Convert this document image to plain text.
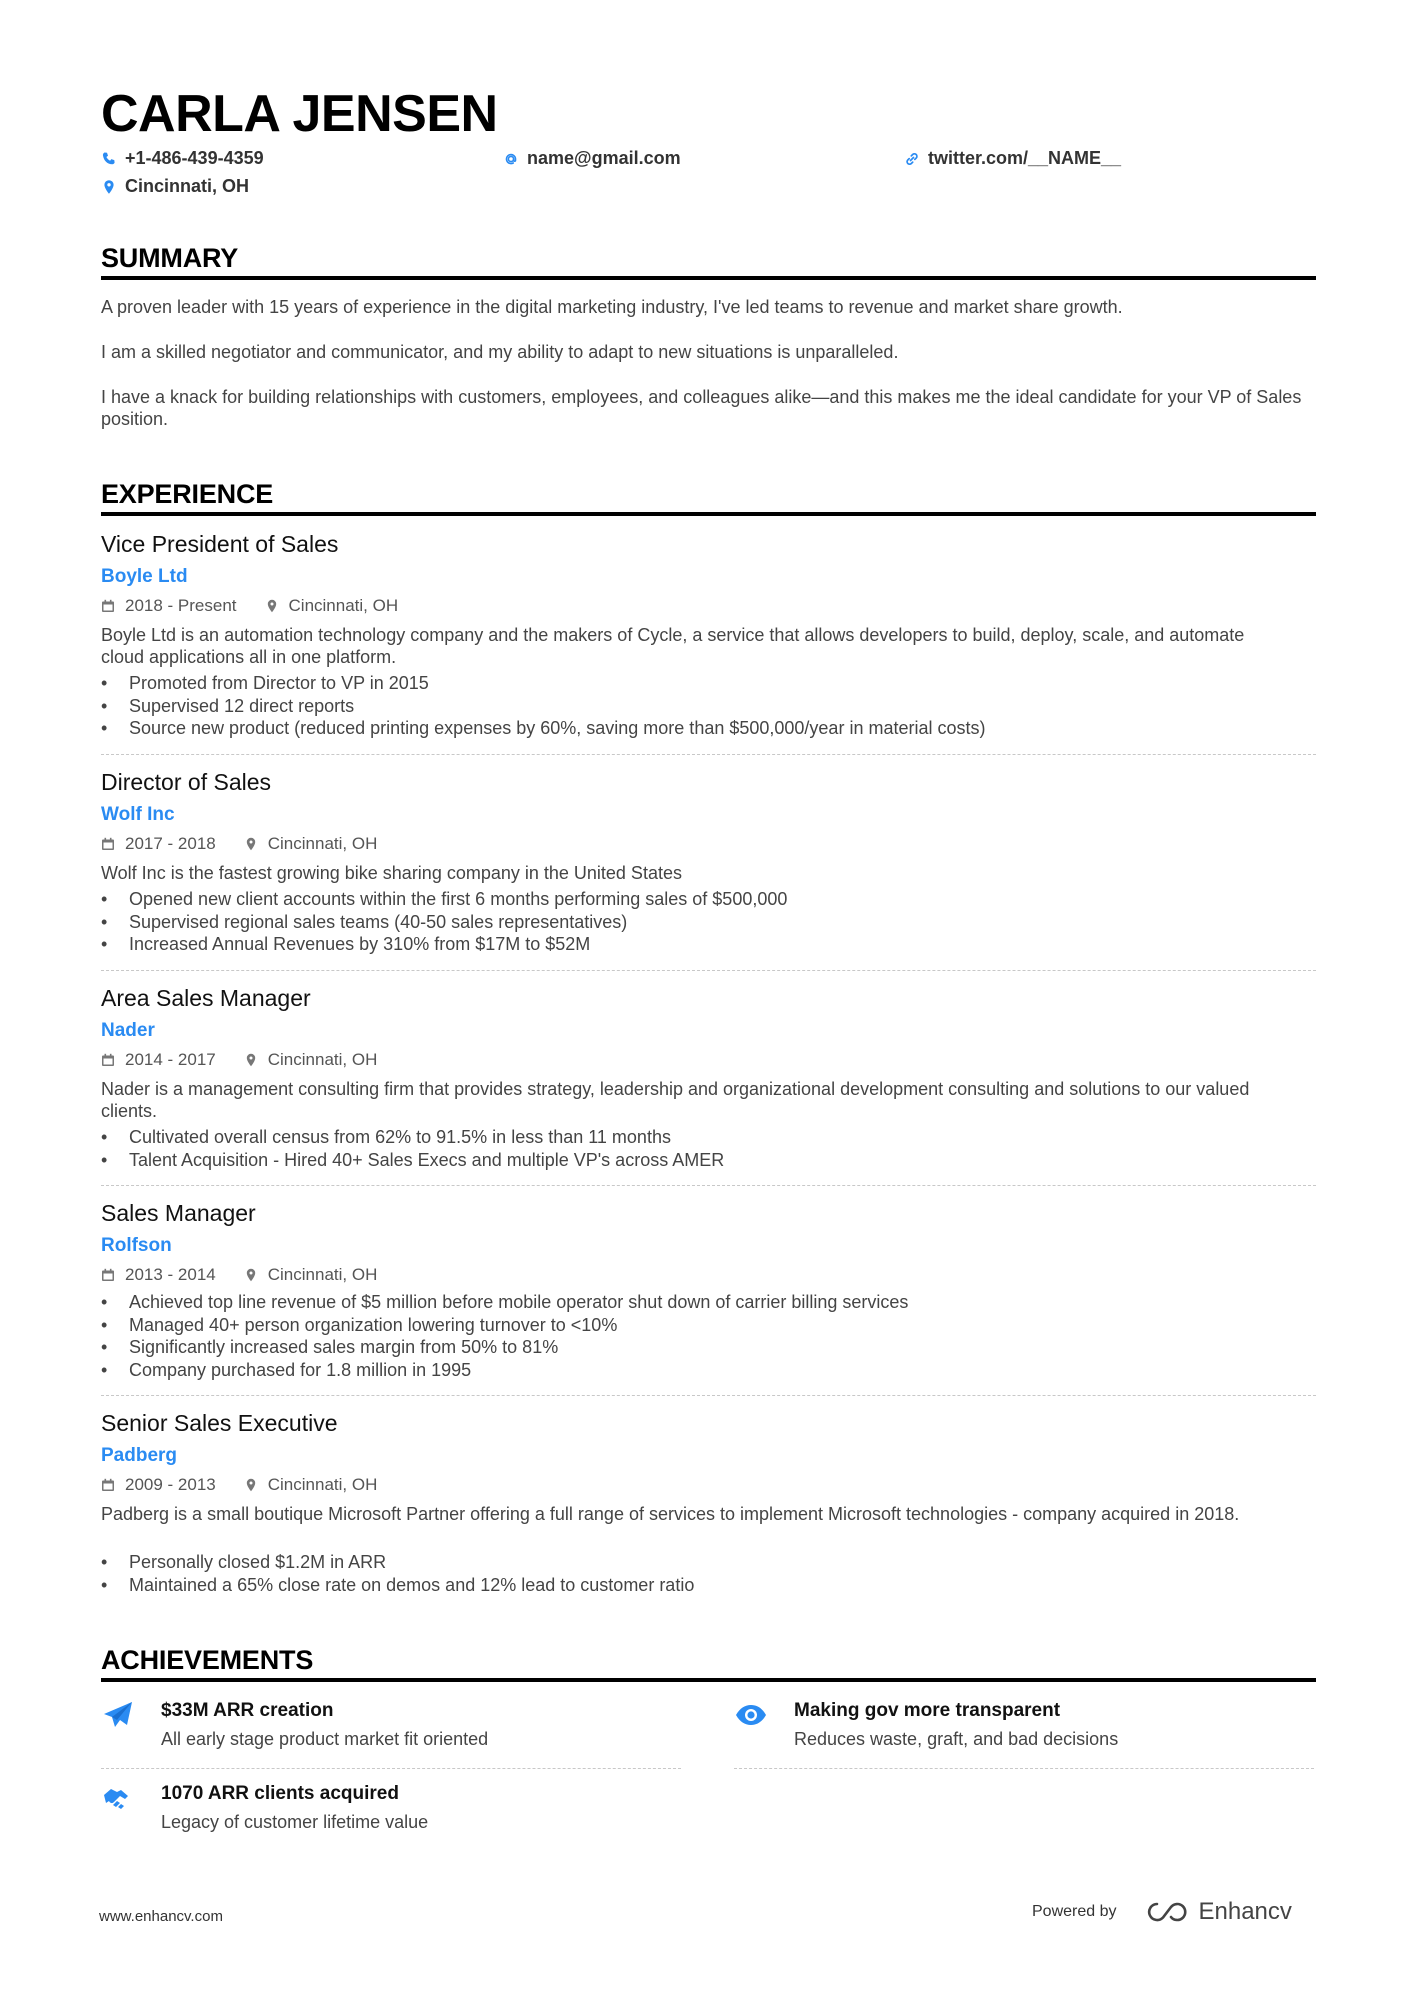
CARLA JENSEN
+1-486-439-4359	name@gmail.com	twitter.com/__NAME__
Cincinnati, OH
SUMMARY
A proven leader with 15 years of experience in the digital marketing industry, I've led teams to revenue and market share growth.
I am a skilled negotiator and communicator, and my ability to adapt to new situations is unparalleled.
I have a knack for building relationships with customers, employees, and colleagues alike—and this makes me the ideal candidate for your VP of Sales position.
EXPERIENCE
Vice President of Sales
Boyle Ltd
2018 - Present	Cincinnati, OH
Boyle Ltd is an automation technology company and the makers of Cycle, a service that allows developers to build, deploy, scale, and automate cloud applications all in one platform.
• Promoted from Director to VP in 2015
• Supervised 12 direct reports
• Source new product (reduced printing expenses by 60%, saving more than $500,000/year in material costs)
Director of Sales
Wolf Inc
2017 - 2018	Cincinnati, OH
Wolf Inc is the fastest growing bike sharing company in the United States
• Opened new client accounts within the first 6 months performing sales of $500,000
• Supervised regional sales teams (40-50 sales representatives)
• Increased Annual Revenues by 310% from $17M to $52M
Area Sales Manager
Nader
2014 - 2017	Cincinnati, OH
Nader is a management consulting firm that provides strategy, leadership and organizational development consulting and solutions to our valued clients.
• Cultivated overall census from 62% to 91.5% in less than 11 months
• Talent Acquisition - Hired 40+ Sales Execs and multiple VP's across AMER
Sales Manager
Rolfson
2013 - 2014	Cincinnati, OH
• Achieved top line revenue of $5 million before mobile operator shut down of carrier billing services
• Managed 40+ person organization lowering turnover to <10%
• Significantly increased sales margin from 50% to 81%
• Company purchased for 1.8 million in 1995
Senior Sales Executive
Padberg
2009 - 2013	Cincinnati, OH
Padberg is a small boutique Microsoft Partner offering a full range of services to implement Microsoft technologies - company acquired in 2018.
• Personally closed $1.2M in ARR
• Maintained a 65% close rate on demos and 12% lead to customer ratio
ACHIEVEMENTS
$33M ARR creation
All early stage product market fit oriented
Making gov more transparent
Reduces waste, graft, and bad decisions
1070 ARR clients acquired
Legacy of customer lifetime value
www.enhancv.com	Powered by	Enhancv
